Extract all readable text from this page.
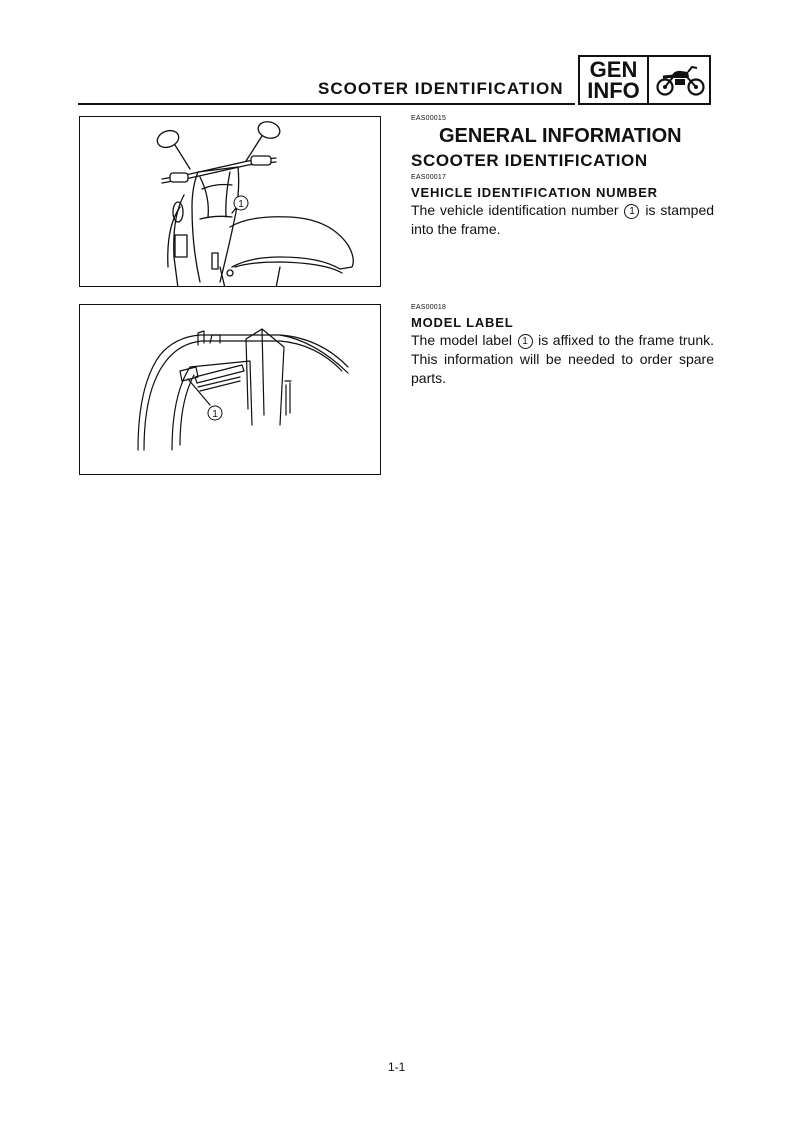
SCOOTER IDENTIFICATION
GEN
INFO
1
1
EAS00015
GENERAL INFORMATION
SCOOTER IDENTIFICATION
EAS00017
VEHICLE IDENTIFICATION NUMBER
The vehicle identification number 1 is stamped into the frame.
EAS00018
MODEL LABEL
The model label 1 is affixed to the frame trunk. This information will be needed to order spare parts.
1-1
